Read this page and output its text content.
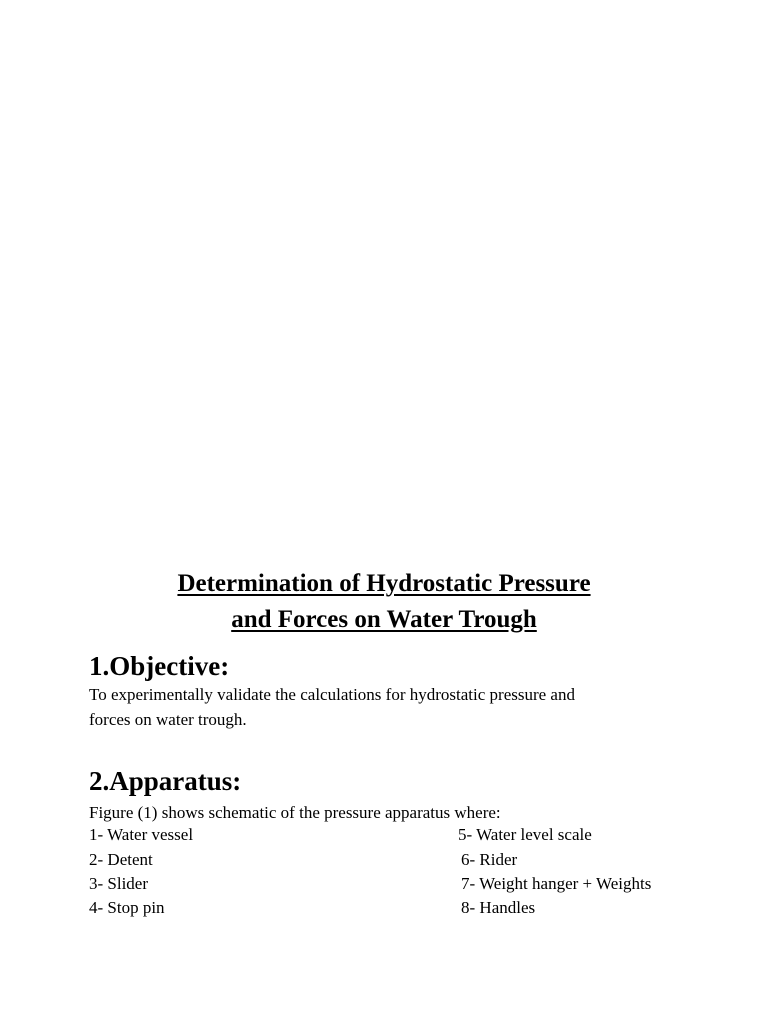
Determination of Hydrostatic Pressure
and Forces on Water Trough
1.Objective:

To experimentally validate the calculations for hydrostatic pressure and

forces on water trough.

2.Apparatus:

Figure (1) shows schematic of the pressure apparatus where:

1- Water vessel
2- Detent
3- Slider
4- Stop pin
5- Water level scale
6- Rider
7- Weight hanger + Weights
8- Handles
